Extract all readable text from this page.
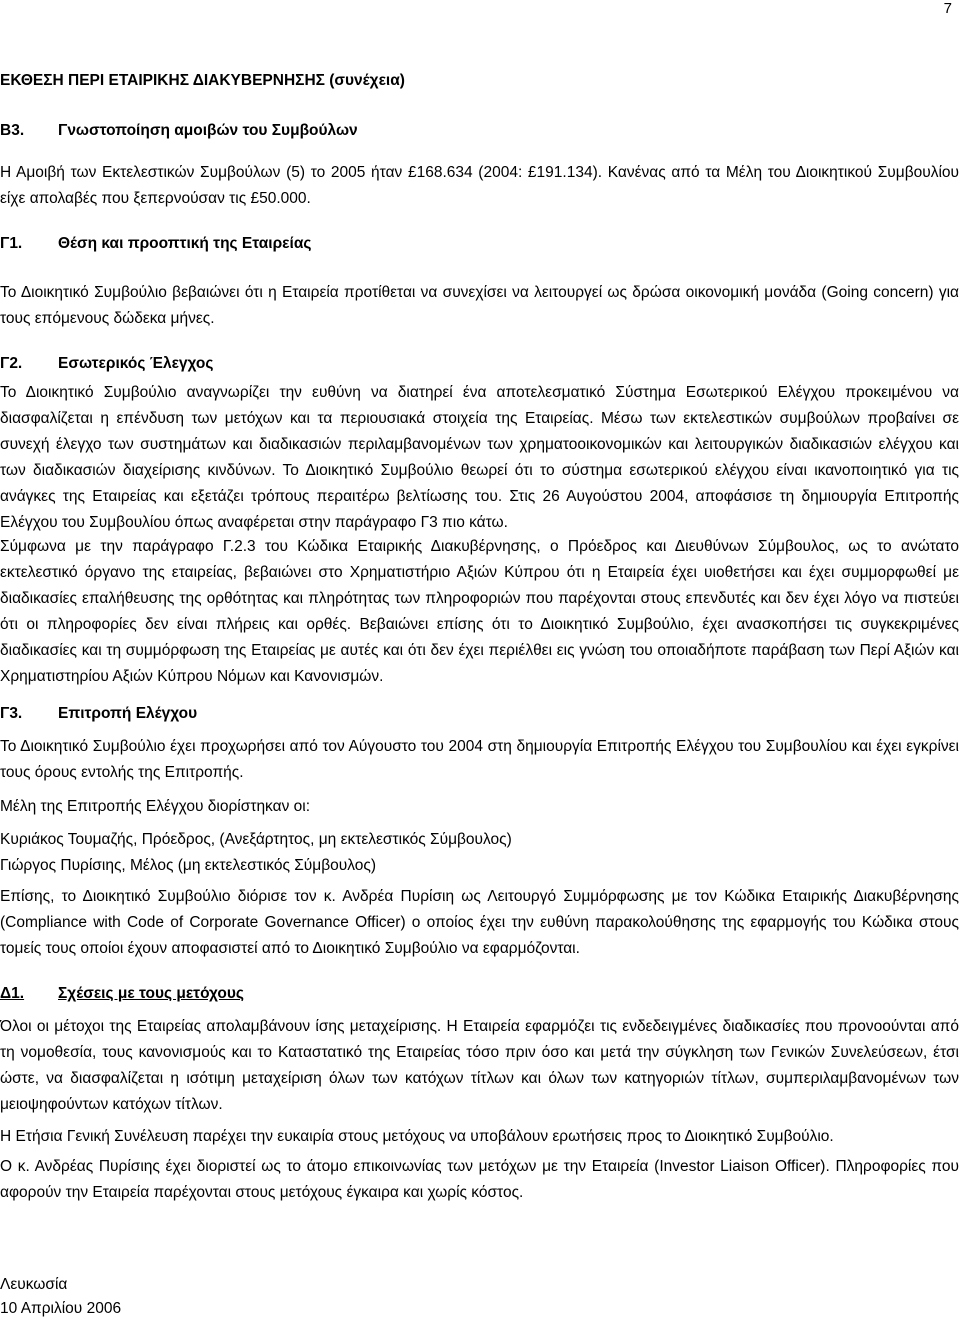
7
ΕΚΘΕΣΗ ΠΕΡΙ ΕΤΑΙΡΙΚΗΣ ΔΙΑΚΥΒΕΡΝΗΣΗΣ (συνέχεια)
Β3. Γνωστοποίηση αμοιβών του Συμβούλων

Η Αμοιβή των Εκτελεστικών Συμβούλων (5) το 2005 ήταν £168.634 (2004: £191.134). Κανένας από τα Μέλη του Διοικητικού Συμβουλίου είχε απολαβές που ξεπερνούσαν τις £50.000.

Γ1. Θέση και προοπτική της Εταιρείας

Το Διοικητικό Συμβούλιο βεβαιώνει ότι η Εταιρεία προτίθεται να συνεχίσει να λειτουργεί ως δρώσα οικονομική μονάδα (Going concern) για τους επόμενους δώδεκα μήνες.

Γ2. Εσωτερικός Έλεγχος

Το Διοικητικό Συμβούλιο αναγνωρίζει την ευθύνη να διατηρεί ένα αποτελεσματικό Σύστημα Εσωτερικού Ελέγχου προκειμένου να διασφαλίζεται η επένδυση των μετόχων και τα περιουσιακά στοιχεία της Εταιρείας. Μέσω των εκτελεστικών συμβούλων προβαίνει σε συνεχή έλεγχο των συστημάτων και διαδικασιών περιλαμβανομένων των χρηματοοικονομικών και λειτουργικών διαδικασιών ελέγχου και των διαδικασιών διαχείρισης κινδύνων. Το Διοικητικό Συμβούλιο θεωρεί ότι το σύστημα εσωτερικού ελέγχου είναι ικανοποιητικό για τις ανάγκες της Εταιρείας και εξετάζει τρόπους περαιτέρω βελτίωσης του. Στις 26 Αυγούστου 2004, αποφάσισε τη δημιουργία Επιτροπής Ελέγχου του Συμβουλίου όπως αναφέρεται στην παράγραφο Γ3 πιο κάτω.

Σύμφωνα με την παράγραφο Γ.2.3 του Κώδικα Εταιρικής Διακυβέρνησης, ο Πρόεδρος και Διευθύνων Σύμβουλος, ως το ανώτατο εκτελεστικό όργανο της εταιρείας, βεβαιώνει στο Χρηματιστήριο Αξιών Κύπρου ότι η Εταιρεία έχει υιοθετήσει και έχει συμμορφωθεί με διαδικασίες επαλήθευσης της ορθότητας και πληρότητας των πληροφοριών που παρέχονται στους επενδυτές και δεν έχει λόγο να πιστεύει ότι οι πληροφορίες δεν είναι πλήρεις και ορθές. Βεβαιώνει επίσης ότι το Διοικητικό Συμβούλιο, έχει ανασκοπήσει τις συγκεκριμένες διαδικασίες και τη συμμόρφωση της Εταιρείας με αυτές και ότι δεν έχει περιέλθει εις γνώση του οποιαδήποτε παράβαση των Περί Αξιών και Χρηματιστηρίου Αξιών Κύπρου Νόμων και Κανονισμών.

Γ3. Επιτροπή Ελέγχου

Το Διοικητικό Συμβούλιο έχει προχωρήσει από τον Αύγουστο του 2004 στη δημιουργία Επιτροπής Ελέγχου του Συμβουλίου και έχει εγκρίνει τους όρους εντολής της Επιτροπής.

Μέλη της Επιτροπής Ελέγχου διορίστηκαν οι:
Κυριάκος Τουμαζής, Πρόεδρος, (Ανεξάρτητος, μη εκτελεστικός Σύμβουλος)
Γιώργος Πυρίσιης, Μέλος (μη εκτελεστικός Σύμβουλος)

Επίσης, το Διοικητικό Συμβούλιο διόρισε τον κ. Ανδρέα Πυρίσιη ως Λειτουργό Συμμόρφωσης με τον Κώδικα Εταιρικής Διακυβέρνησης (Compliance with Code of Corporate Governance Officer) ο οποίος έχει την ευθύνη παρακολούθησης της εφαρμογής του Κώδικα στους τομείς τους οποίοι έχουν αποφασιστεί από το Διοικητικό Συμβούλιο να εφαρμόζονται.

Δ1. Σχέσεις με τους μετόχους

Όλοι οι μέτοχοι της Εταιρείας απολαμβάνουν ίσης μεταχείρισης. Η Εταιρεία εφαρμόζει τις ενδεδειγμένες διαδικασίες που προνοούνται από τη νομοθεσία, τους κανονισμούς και το Καταστατικό της Εταιρείας τόσο πριν όσο και μετά την σύγκληση των Γενικών Συνελεύσεων, έτσι ώστε, να διασφαλίζεται η ισότιμη μεταχείριση όλων των κατόχων τίτλων και όλων των κατηγοριών τίτλων, συμπεριλαμβανομένων των μειοψηφούντων κατόχων τίτλων.

Η Ετήσια Γενική Συνέλευση παρέχει την ευκαιρία στους μετόχους να υποβάλουν ερωτήσεις προς το Διοικητικό Συμβούλιο.

Ο κ. Ανδρέας Πυρίσιης έχει διοριστεί ως το άτομο επικοινωνίας των μετόχων με την Εταιρεία (Investor Liaison Officer). Πληροφορίες που αφορούν την Εταιρεία παρέχονται στους μετόχους έγκαιρα και χωρίς κόστος.

Λευκωσία
10 Απριλίου 2006
